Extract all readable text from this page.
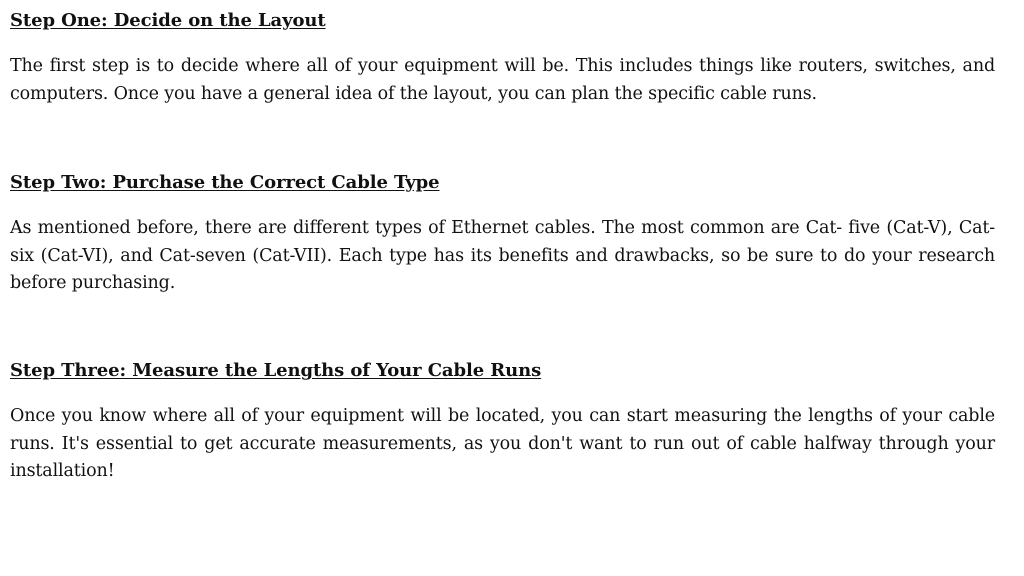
Step One: Decide on the Layout

The first step is to decide where all of your equipment will be. This includes things like routers, switches, and computers. Once you have a general idea of the layout, you can plan the specific cable runs.

Step Two: Purchase the Correct Cable Type

As mentioned before, there are different types of Ethernet cables. The most common are Cat- five (Cat-V), Cat-six (Cat-VI), and Cat-seven (Cat-VII). Each type has its benefits and drawbacks, so be sure to do your research before purchasing.

Step Three: Measure the Lengths of Your Cable Runs

Once you know where all of your equipment will be located, you can start measuring the lengths of your cable runs. It's essential to get accurate measurements, as you don't want to run out of cable halfway through your installation!
